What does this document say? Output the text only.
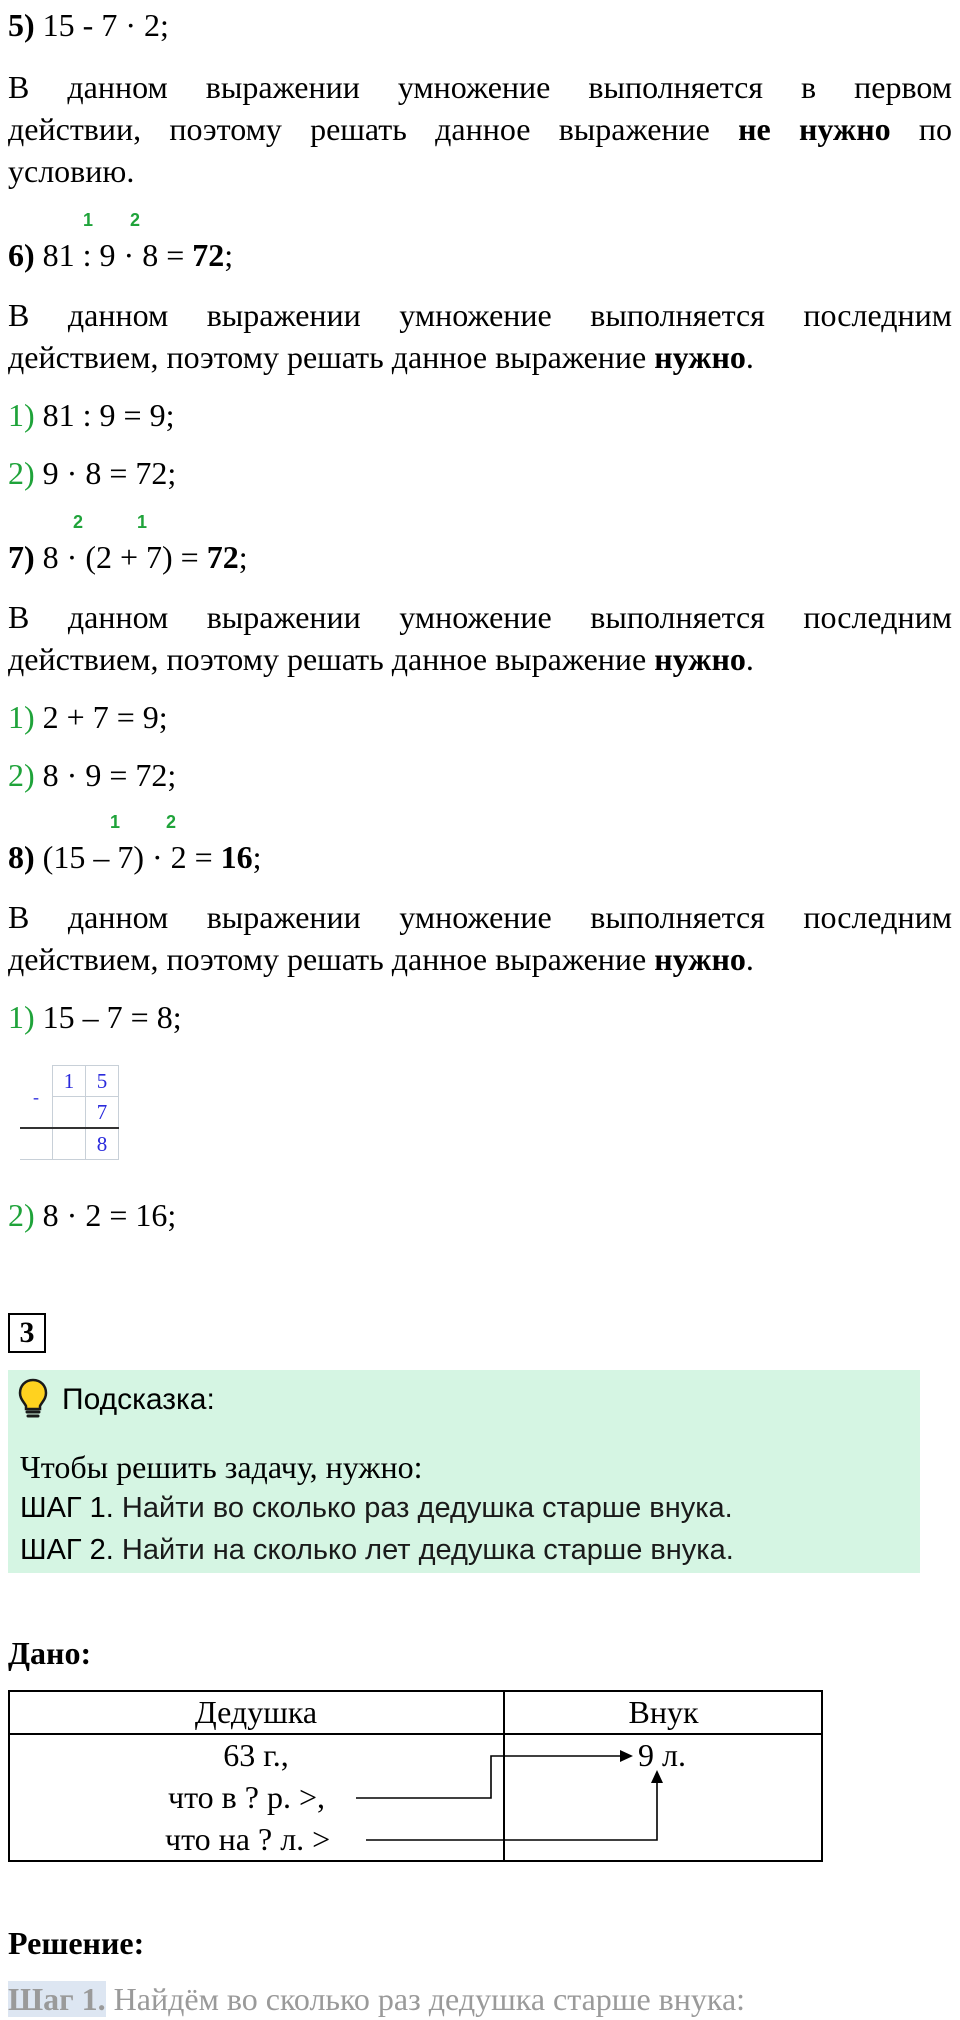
5) 15 - 7 · 2;
В данном выражении умножение выполняется в первом
действии, поэтому решать данное выражение не нужно по
условию.
1 2
6) 81 : 9 · 8 = 72;
В данном выражении умножение выполняется последним
действием, поэтому решать данное выражение нужно.
1) 81 : 9 = 9;
2) 9 · 8 = 72;
2	1
7) 8 · (2 + 7) = 72;
В данном выражении умножение выполняется последним
действием, поэтому решать данное выражение нужно.
1) 2 + 7 = 9;
2) 8 · 9 = 72;
1	2
8) (15 – 7) · 2 = 16;
В данном выражении умножение выполняется последним
действием, поэтому решать данное выражение нужно.
1) 15 – 7 = 8;
-	1	5
		7
		8
2) 8 · 2 = 16;
3
Подсказка:
Чтобы решить задачу, нужно:
ШАГ 1. Найти во сколько раз дедушка старше внука.
ШАГ 2. Найти на сколько лет дедушка старше внука.
Дано:
Дедушка	Внук
63 г.,
что в ? р. >,
что на ? л. >
9 л.
Решение:
Шаг 1. Найдём во сколько раз дедушка старше внука:
